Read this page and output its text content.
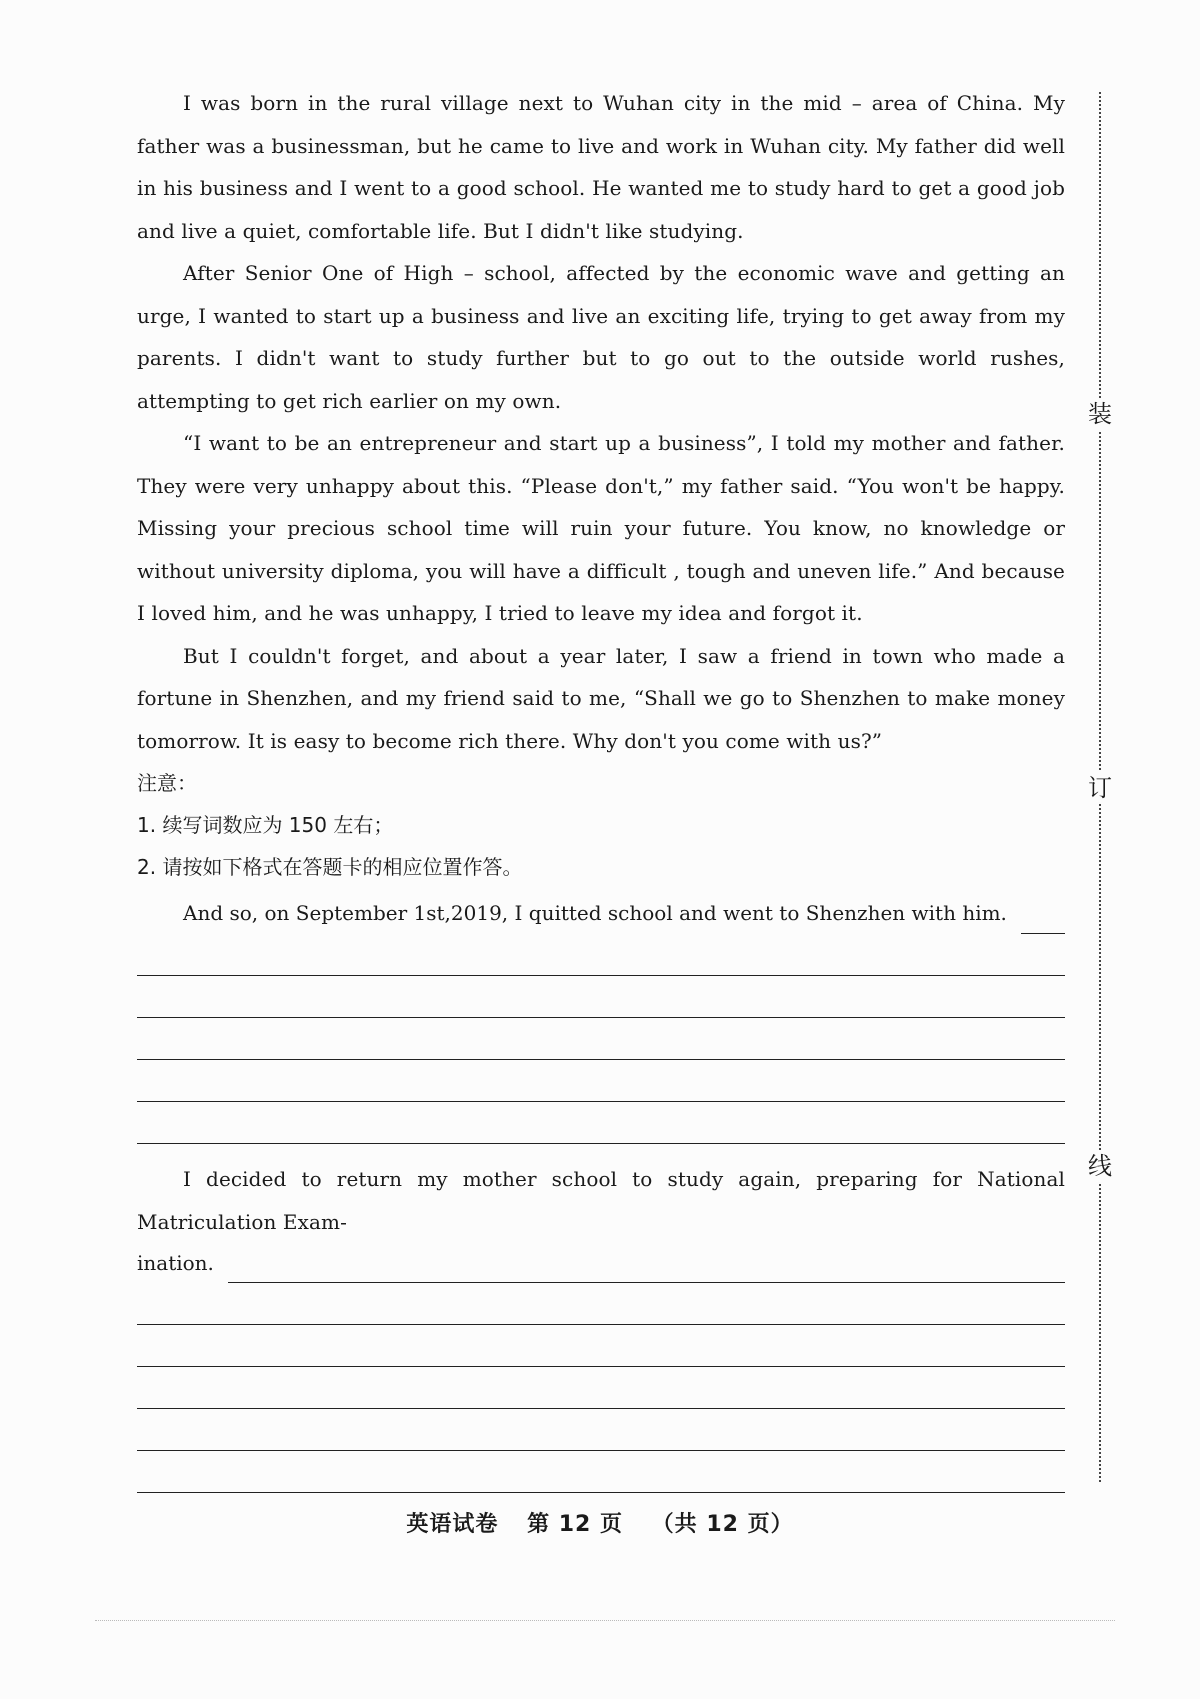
I was born in the rural village next to Wuhan city in the mid – area of China. My father was a businessman, but he came to live and work in Wuhan city. My father did well in his business and I went to a good school. He wanted me to study hard to get a good job and live a quiet, comfortable life. But I didn't like studying.

After Senior One of High – school, affected by the economic wave and getting an urge, I wanted to start up a business and live an exciting life, trying to get away from my parents. I didn't want to study further but to go out to the outside world rushes, attempting to get rich earlier on my own.

“I want to be an entrepreneur and start up a business”, I told my mother and father. They were very unhappy about this. “Please don't,” my father said. “You won't be happy. Missing your precious school time will ruin your future. You know, no knowledge or without university diploma, you will have a difficult , tough and uneven life.” And because I loved him, and he was unhappy, I tried to leave my idea and forgot it.

But I couldn't forget, and about a year later, I saw a friend in town who made a fortune in Shenzhen, and my friend said to me, “Shall we go to Shenzhen to make money tomorrow. It is easy to become rich there. Why don't you come with us?”

注意：

1. 续写词数应为 150 左右；

2. 请按如下格式在答题卡的相应位置作答。

And so, on September 1st,2019, I quitted school and went to Shenzhen with him.

I decided to return my mother school to study again, preparing for National Matriculation Exam-

ination.
装
订
线
英语试卷 第 12 页 （共 12 页）
